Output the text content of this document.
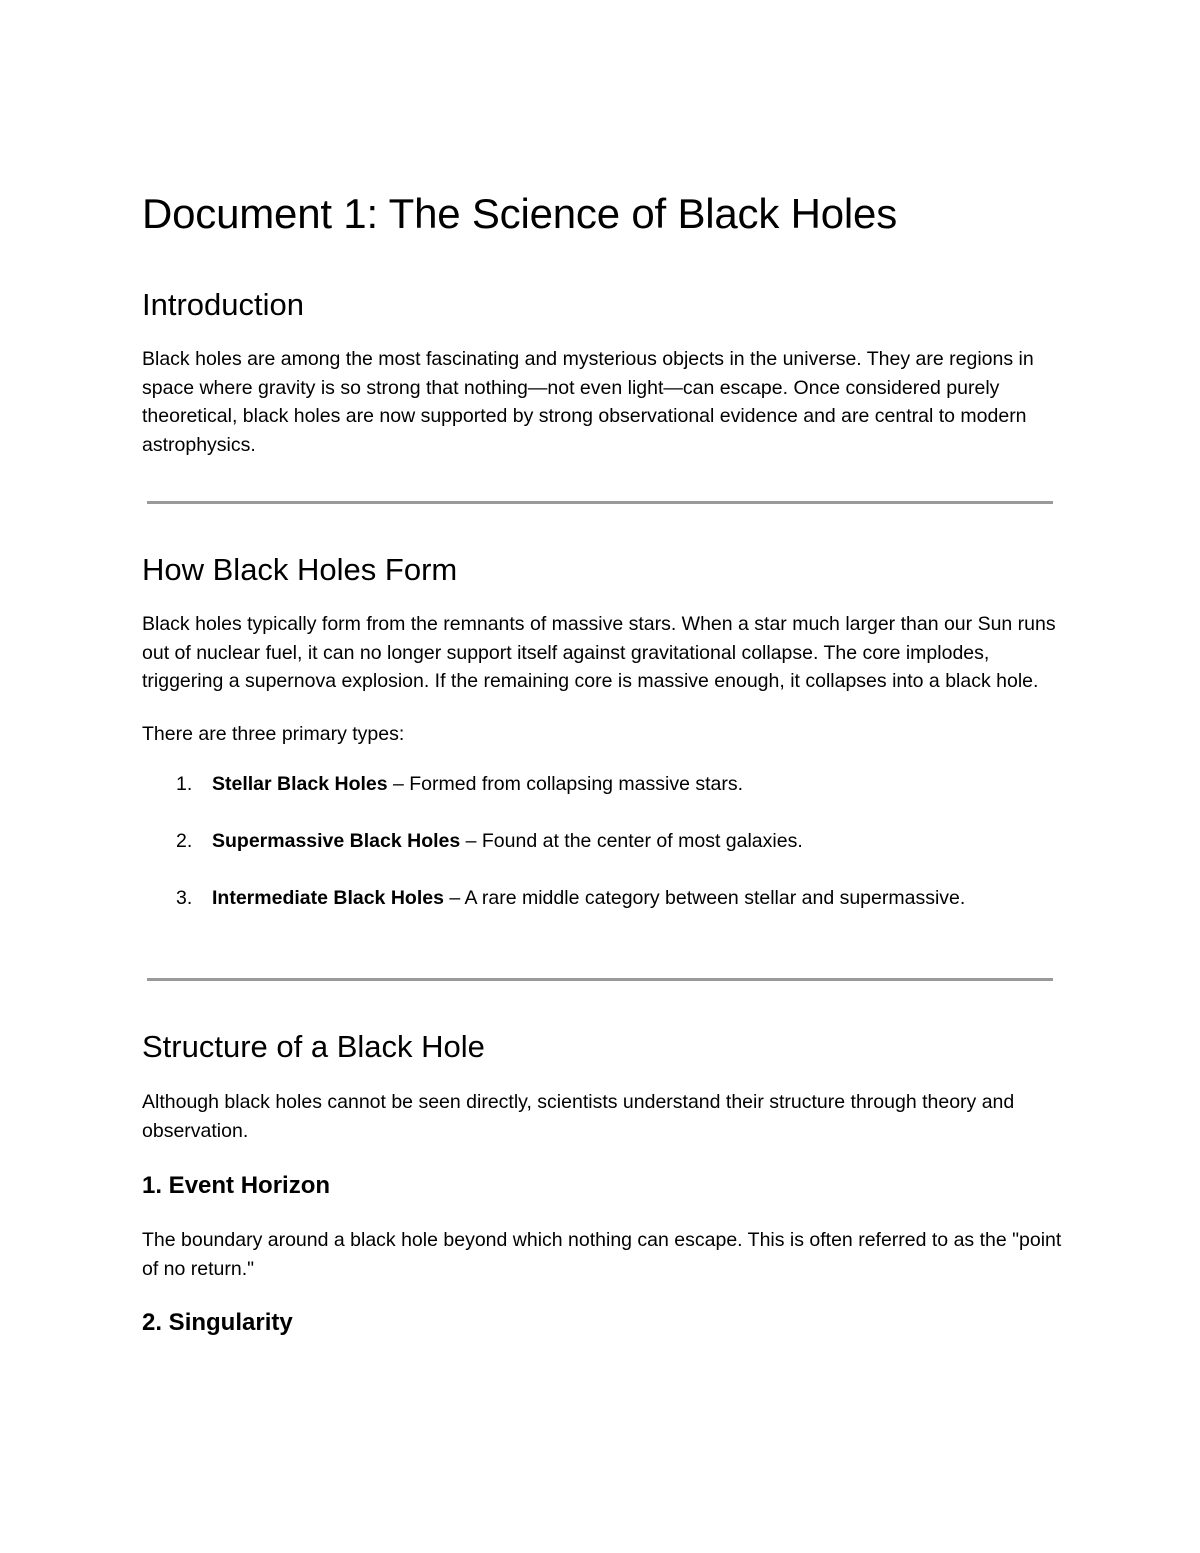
Document 1: The Science of Black Holes
Introduction

Black holes are among the most fascinating and mysterious objects in the universe. They are regions in space where gravity is so strong that nothing—not even light—can escape. Once considered purely theoretical, black holes are now supported by strong observational evidence and are central to modern astrophysics.

How Black Holes Form

Black holes typically form from the remnants of massive stars. When a star much larger than our Sun runs out of nuclear fuel, it can no longer support itself against gravitational collapse. The core implodes, triggering a supernova explosion. If the remaining core is massive enough, it collapses into a black hole.

There are three primary types:

1. Stellar Black Holes – Formed from collapsing massive stars.
2. Supermassive Black Holes – Found at the center of most galaxies.
3. Intermediate Black Holes – A rare middle category between stellar and supermassive.
Structure of a Black Hole

Although black holes cannot be seen directly, scientists understand their structure through theory and observation.

1. Event Horizon

The boundary around a black hole beyond which nothing can escape. This is often referred to as the "point of no return."

2. Singularity
